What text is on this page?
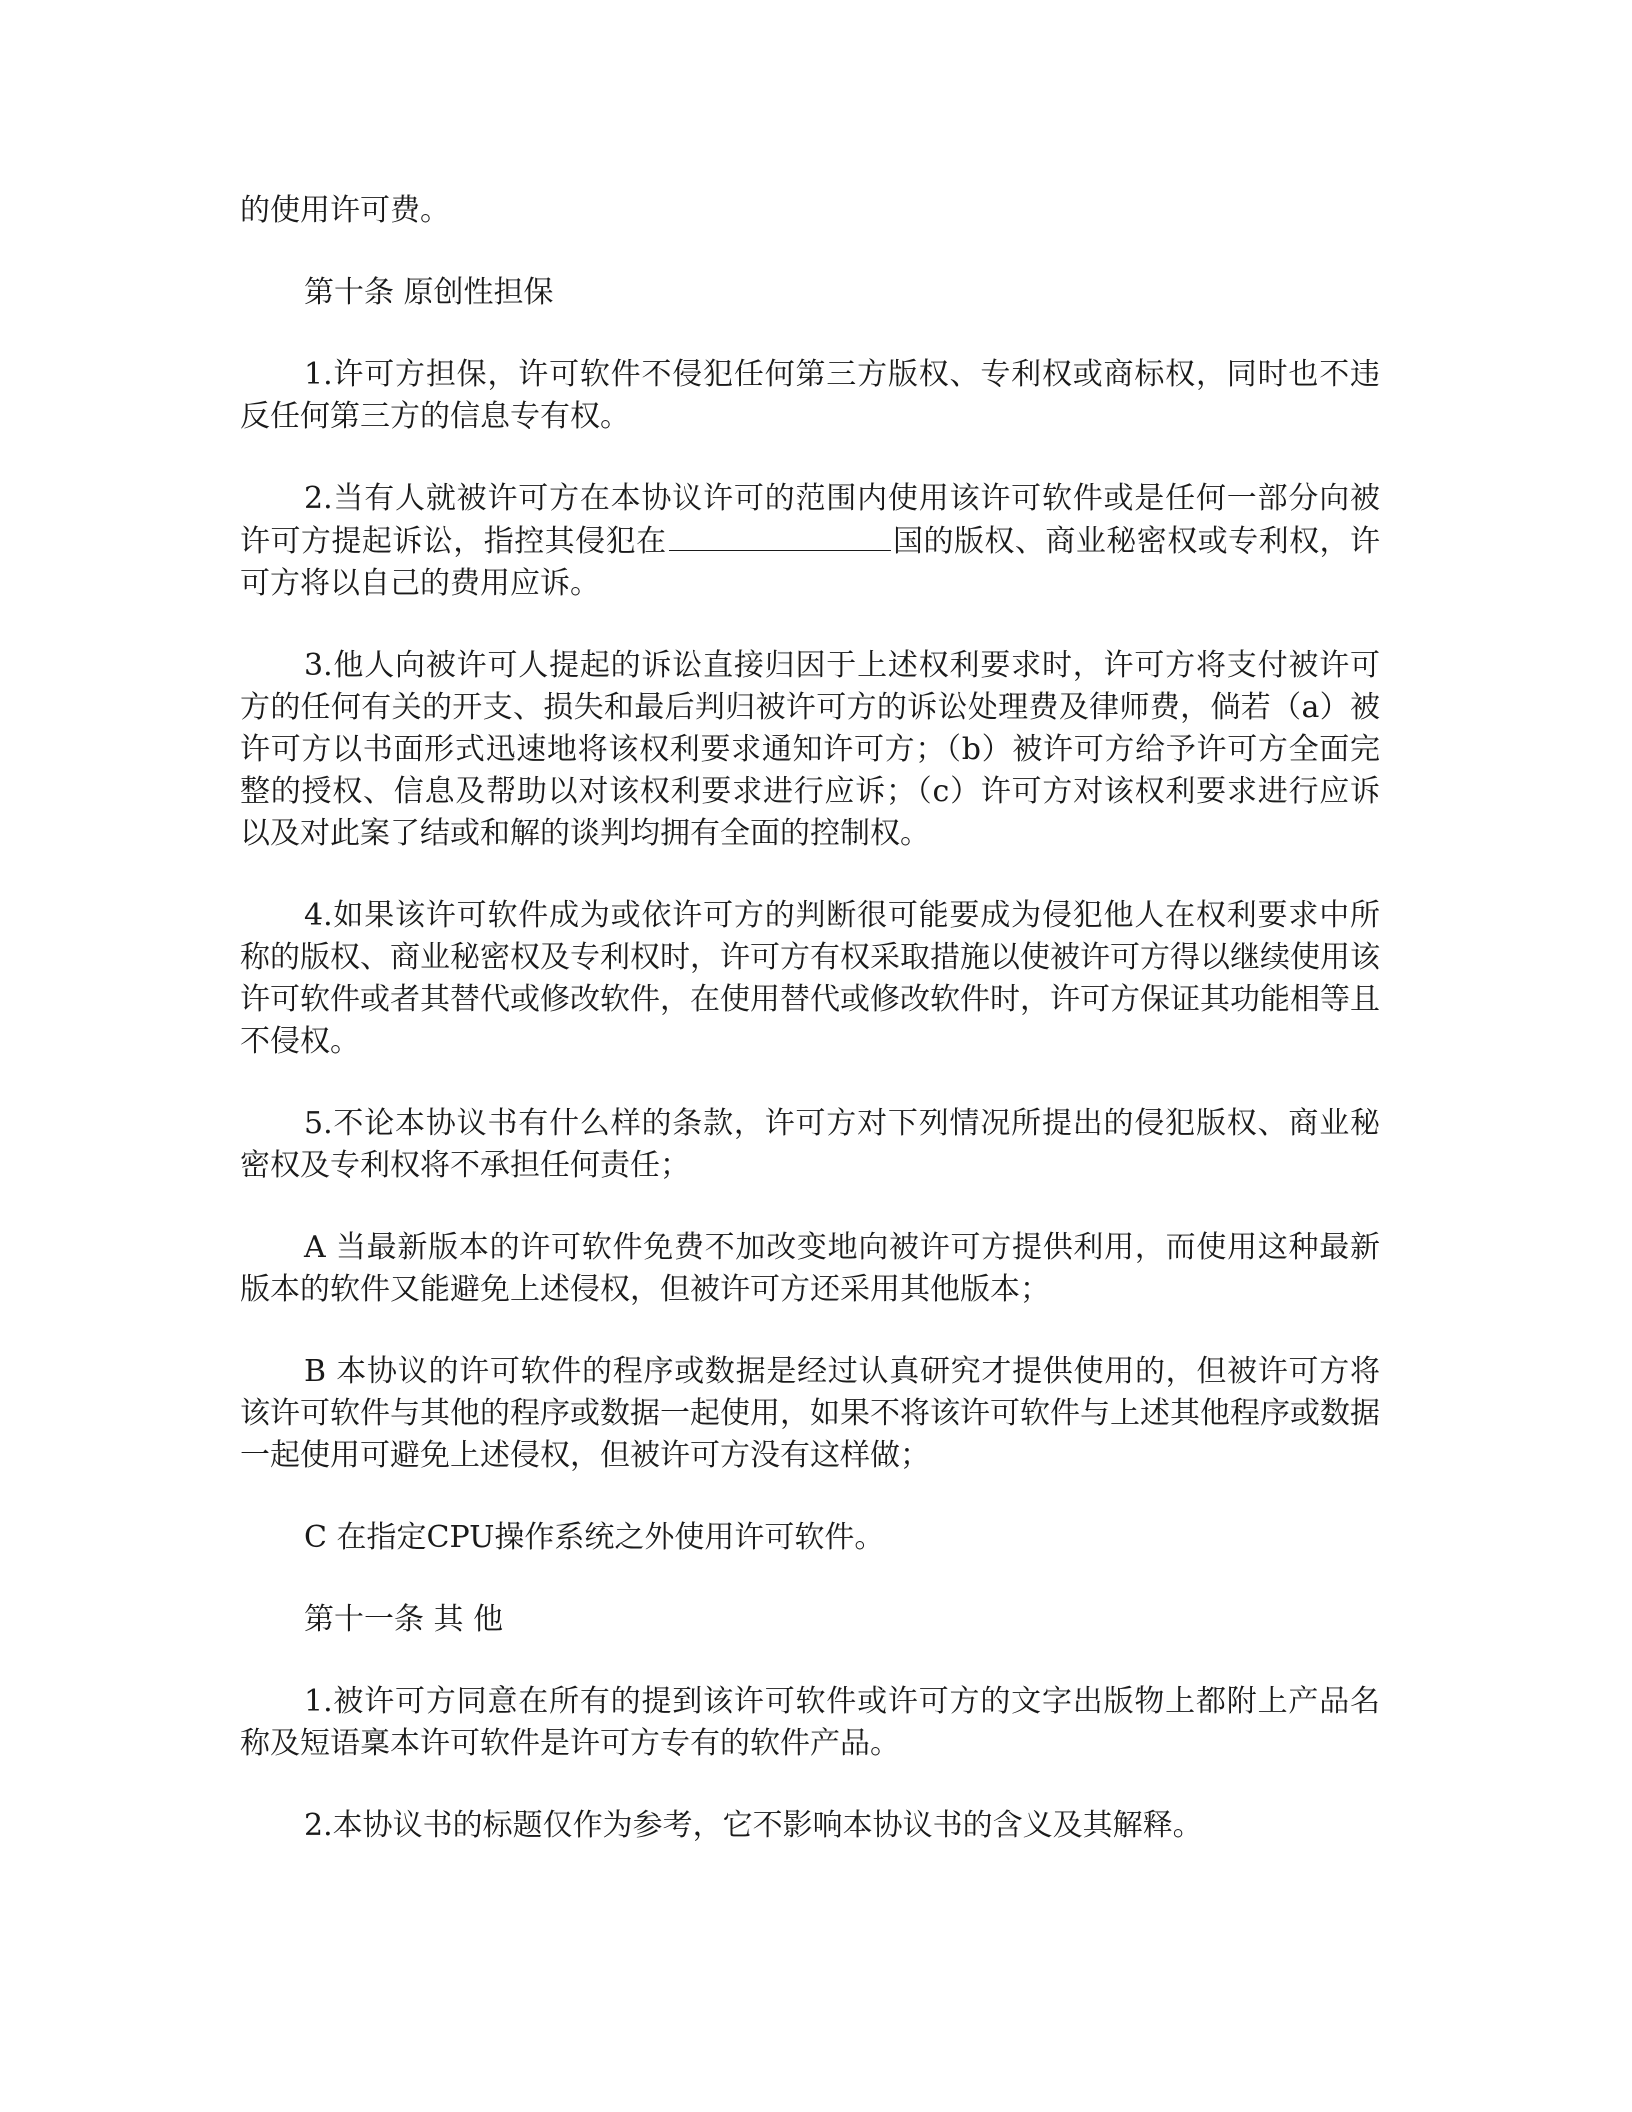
的使用许可费。

第十条 原创性担保

1.许可方担保，许可软件不侵犯任何第三方版权、专利权或商标权，同时也不违反任何第三方的信息专有权。

2.当有人就被许可方在本协议许可的范围内使用该许可软件或是任何一部分向被许可方提起诉讼，指控其侵犯在	国的版权、商业秘密权或专利权，许可方将以自己的费用应诉。

3.他人向被许可人提起的诉讼直接归因于上述权利要求时，许可方将支付被许可方的任何有关的开支、损失和最后判归被许可方的诉讼处理费及律师费，倘若（a）被许可方以书面形式迅速地将该权利要求通知许可方；（b）被许可方给予许可方全面完整的授权、信息及帮助以对该权利要求进行应诉；（c）许可方对该权利要求进行应诉以及对此案了结或和解的谈判均拥有全面的控制权。

4.如果该许可软件成为或依许可方的判断很可能要成为侵犯他人在权利要求中所称的版权、商业秘密权及专利权时，许可方有权采取措施以使被许可方得以继续使用该许可软件或者其替代或修改软件，在使用替代或修改软件时，许可方保证其功能相等且不侵权。

5.不论本协议书有什么样的条款，许可方对下列情况所提出的侵犯版权、商业秘密权及专利权将不承担任何责任；

A 当最新版本的许可软件免费不加改变地向被许可方提供利用，而使用这种最新版本的软件又能避免上述侵权，但被许可方还采用其他版本；

B 本协议的许可软件的程序或数据是经过认真研究才提供使用的，但被许可方将该许可软件与其他的程序或数据一起使用，如果不将该许可软件与上述其他程序或数据一起使用可避免上述侵权，但被许可方没有这样做；

C 在指定CPU操作系统之外使用许可软件。

第十一条 其 他

1.被许可方同意在所有的提到该许可软件或许可方的文字出版物上都附上产品名称及短语稟本许可软件是许可方专有的软件产品。

2.本协议书的标题仅作为参考，它不影响本协议书的含义及其解释。
